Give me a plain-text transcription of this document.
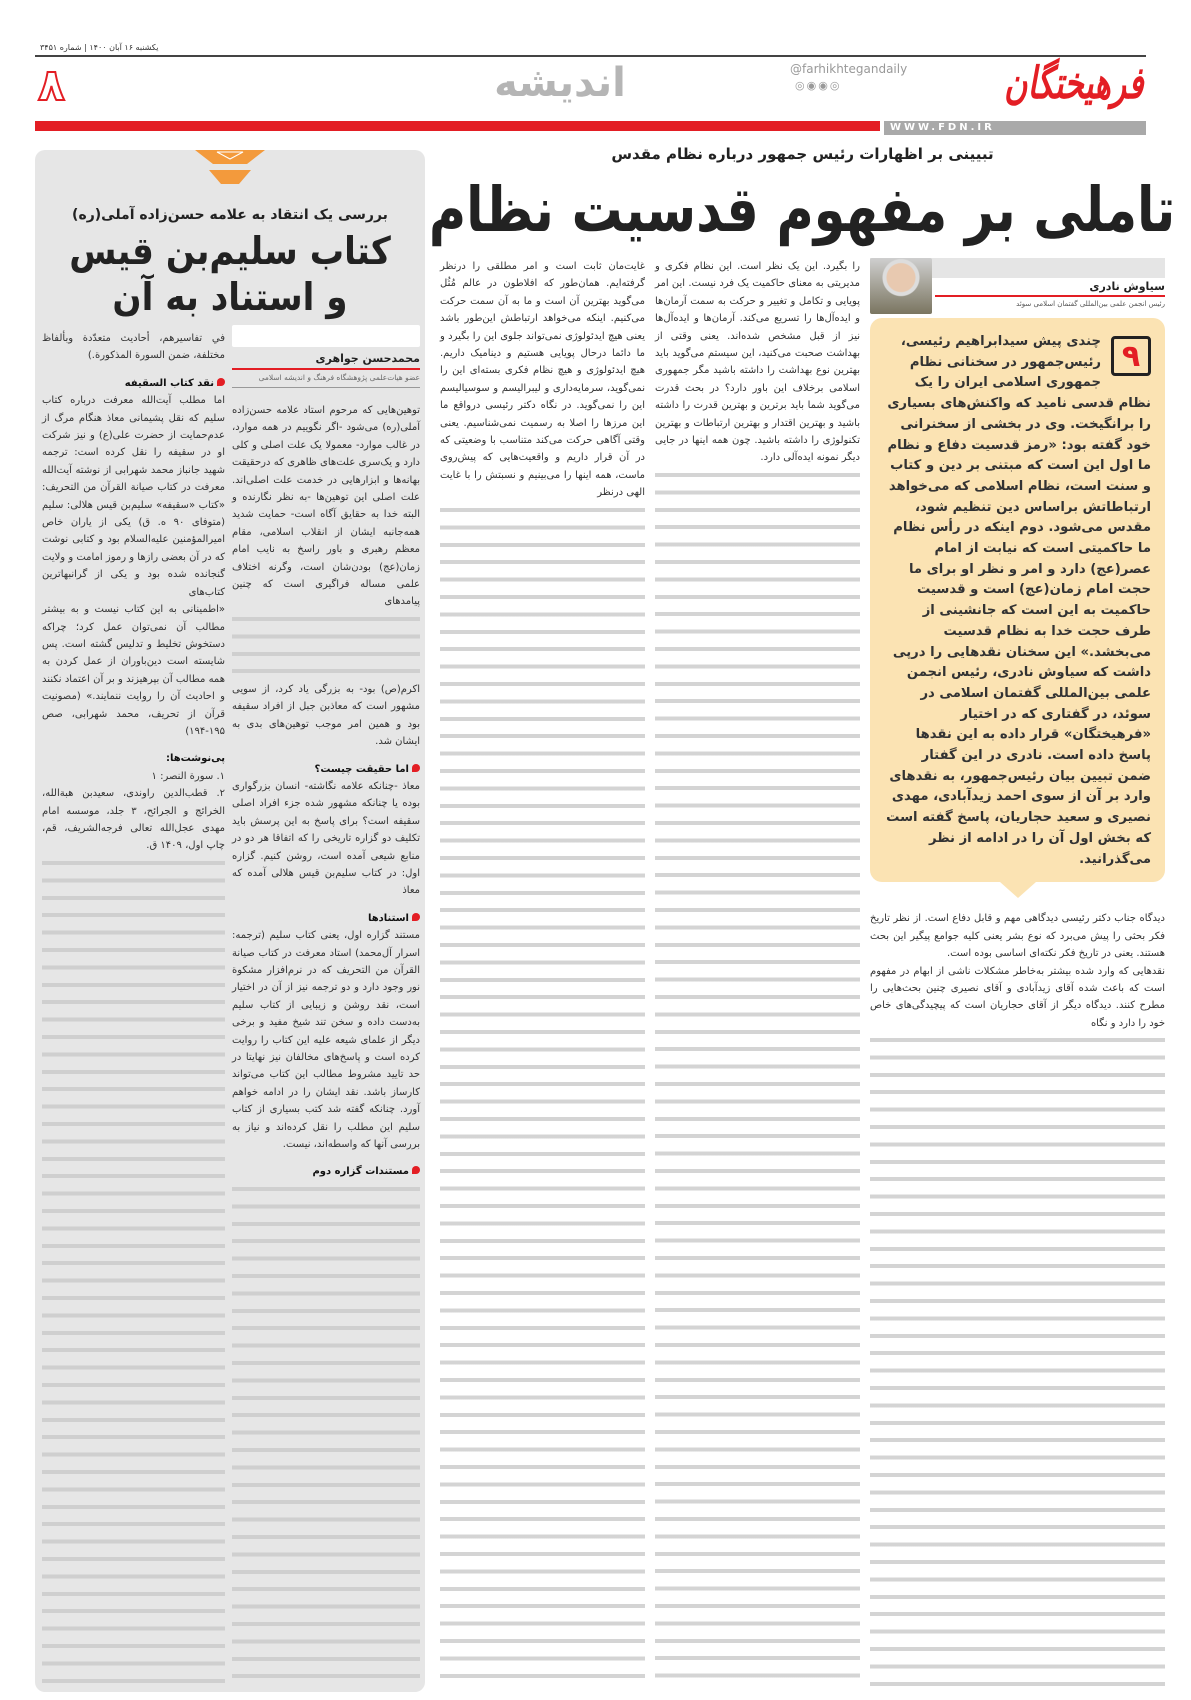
یکشنبه ۱۶ آبان ۱۴۰۰ | شماره ۳۴۵۱
فرهیختگان
@farhikhtegandaily
◎◉◉◎
اندیشه
۸
WWW.FDN.IR
تبیینی بر اظهارات رئیس جمهور درباره نظام مقدس
تاملی بر مفهوم قدسیت نظام
سیاوش نادری
رئیس انجمن علمی بین‌المللی گفتمان اسلامی سوئد
٩
چندی پیش سیدابراهیم رئیسی، رئیس‌جمهور در سخنانی نظام جمهوری اسلامی ایران را یک نظام قدسی نامید که واکنش‌های بسیاری را برانگیخت. وی در بخشی از سخنرانی خود گفته بود: «رمز قدسیت دفاع و نظام ما اول این است که مبتنی بر دین و کتاب و سنت است، نظام اسلامی که می‌خواهد ارتباطاتش براساس دین تنظیم شود، مقدس می‌شود. دوم اینکه در رأس نظام ما حاکمیتی است که نیابت از امام عصر(عج) دارد و امر و نظر او برای ما حجت امام زمان(عج) است و قدسیت حاکمیت به این است که جانشینی از طرف حجت خدا به نظام قدسیت می‌بخشد.» این سخنان نقدهایی را درپی داشت که سیاوش نادری، رئیس انجمن علمی بین‌المللی گفتمان اسلامی در سوئد، در گفتاری که در اختیار «فرهیختگان» قرار داده به این نقدها پاسخ داده است. نادری در این گفتار ضمن تبیین بیان رئیس‌جمهور، به نقدهای وارد بر آن از سوی احمد زیدآبادی، مهدی نصیری و سعید حجاریان، پاسخ گفته است که بخش اول آن را در ادامه از نظر می‌گذرانید.

دیدگاه جناب دکتر رئیسی دیدگاهی مهم و قابل دفاع است. از نظر تاریخ فکر بحثی را پیش می‌برد که نوع بشر یعنی کلیه جوامع پیگیر این بحث هستند. یعنی در تاریخ فکر نکته‌ای اساسی بوده است.

نقدهایی که وارد شده بیشتر به‌خاطر مشکلات ناشی از ابهام در مفهوم است که باعث شده آقای زیدآبادی و آقای نصیری چنین بحث‌هایی را مطرح کنند. دیدگاه دیگر از آقای حجاریان است که پیچیدگی‌های خاص خود را دارد و نگاه

را بگیرد. این یک نظر است. این نظام فکری و مدیریتی به معنای حاکمیت یک فرد نیست. این امر پویایی و تکامل و تغییر و حرکت به سمت آرمان‌ها و ایده‌آل‌ها را تسریع می‌کند. آرمان‌ها و ایده‌آل‌ها نیز از قبل مشخص شده‌اند. یعنی وقتی از بهداشت صحبت می‌کنید، این سیستم می‌گوید باید بهترین نوع بهداشت را داشته باشید مگر جمهوری اسلامی برخلاف این باور دارد؟ در بحث قدرت می‌گوید شما باید برترین و بهترین قدرت را داشته باشید و بهترین اقتدار و بهترین ارتباطات و بهترین تکنولوژی را داشته باشید. چون همه اینها در جایی دیگر نمونه ایده‌آلی دارد.

غایت‌مان ثابت است و امر مطلقی را درنظر گرفته‌ایم. همان‌طور که افلاطون در عالم مُثُل می‌گوید بهترین آن است و ما به آن سمت حرکت می‌کنیم. اینکه می‌خواهد ارتباطش این‌طور باشد یعنی هیچ ایدئولوژی نمی‌تواند جلوی این را بگیرد و ما دائما درحال پویایی هستیم و دینامیک داریم. هیچ ایدئولوژی و هیچ نظام فکری بسته‌ای این را نمی‌گوید، سرمایه‌داری و لیبرالیسم و سوسیالیسم این را نمی‌گوید. در نگاه دکتر رئیسی درواقع ما این مرزها را اصلا به رسمیت نمی‌شناسیم. یعنی وقتی آگاهی حرکت می‌کند متناسب با وضعیتی که در آن قرار داریم و واقعیت‌هایی که پیش‌روی ماست، همه اینها را می‌بینیم و نسبتش را با غایت الهی درنظر

بررسی یک انتقاد به علامه حسن‌زاده آملی(ره)
کتاب سلیم‌بن قیس
و استناد به آن
محمدحسن جواهری
عضو هیات‌علمی پژوهشگاه فرهنگ و اندیشه اسلامی

توهین‌هایی که مرحوم استاد علامه حسن‌زاده آملی(ره) می‌شود -اگر نگوییم در همه موارد، در غالب موارد- معمولا یک علت اصلی و کلی دارد و یک‌سری علت‌های ظاهری که درحقیقت بهانه‌ها و ابزارهایی در خدمت علت اصلی‌اند. علت اصلی این توهین‌ها -به نظر نگارنده و البته خدا به حقایق آگاه است- حمایت شدید همه‌جانبه ایشان از انقلاب اسلامی، مقام معظم رهبری و باور راسخ به نایب امام زمان(عج) بودن‌شان است، وگرنه اختلاف علمی مساله فراگیری است که چنین پیامدهای

اکرم(ص) بود- به بزرگی یاد کرد، از سویی مشهور است که معاذبن جبل از افراد سقیفه بود و همین امر موجب توهین‌های بدی به ایشان شد.

اما حقیقت چیست؟

معاذ -چنانکه علامه نگاشته- انسان بزرگواری بوده یا چنانکه مشهور شده جزء افراد اصلی سقیفه است؟ برای پاسخ به این پرسش باید تکلیف دو گزاره تاریخی را که اتفاقا هر دو در منابع شیعی آمده است، روشن کنیم. گزاره اول: در کتاب سلیم‌بن قیس هلالی آمده که معاذ

استنادها

مستند گزاره اول، یعنی کتاب سلیم (ترجمه: اسرار آل‌محمد) استاد معرفت در کتاب صیانة القرآن من التحریف که در نرم‌افزار مشکوة نور وجود دارد و دو ترجمه نیز از آن در اختیار است، نقد روشن و زیبایی از کتاب سلیم به‌دست داده و سخن تند شیخ مفید و برخی دیگر از علمای شیعه علیه این کتاب را روایت کرده است و پاسخ‌های مخالفان نیز نهایتا در حد تایید مشروط مطالب این کتاب می‌تواند کارساز باشد. نقد ایشان را در ادامه خواهم آورد. چنانکه گفته شد کتب بسیاری از کتاب سلیم این مطلب را نقل کرده‌اند و نیاز به بررسی آنها که واسطه‌اند، نیست.

مستندات گزاره دوم

في تفاسيرهم، أحاديث متعدّدة وبألفاظ مختلفة، ضمن السورة المذكورة.)

نقد کتاب السقیفه

اما مطلب آیت‌الله معرفت درباره کتاب سلیم که نقل پشیمانی معاذ هنگام مرگ از عدم‌حمایت از حضرت علی(ع) و نیز شرکت او در سقیفه را نقل کرده است: ترجمه شهید جانباز محمد شهرابی از نوشته آیت‌الله معرفت در کتاب صیانة القرآن من التحریف: «کتاب «سقیفه» سلیم‌بن قیس هلالی: سلیم (متوفای ۹۰ ه. ق) یکی از یاران خاص امیرالمؤمنین علیه‌السلام بود و کتابی نوشت که در آن بعضی رازها و رموز امامت و ولایت گنجانده شده بود و یکی از گرانبهاترین کتاب‌های

«اطمینانی به این کتاب نیست و به بیشتر مطالب آن نمی‌توان عمل کرد؛ چراکه دستخوش تخلیط و تدلیس گشته است. پس شایسته است دین‌باوران از عمل کردن به همه مطالب آن بپرهیزند و بر آن اعتماد نکنند و احادیث آن را روایت ننمایند.» (مصونیت قرآن از تحریف، محمد شهرابی، صص ۱۹۵-۱۹۴)

پی‌نوشت‌ها:

۱. سورة النصر: ۱

۲. قطب‌الدین راوندی، سعیدبن هبةالله، الخرائج و الجرائح، ۳ جلد، موسسه امام مهدی عجل‌الله تعالی فرجه‌الشریف، قم، چاپ اول، ۱۴۰۹ ق.
